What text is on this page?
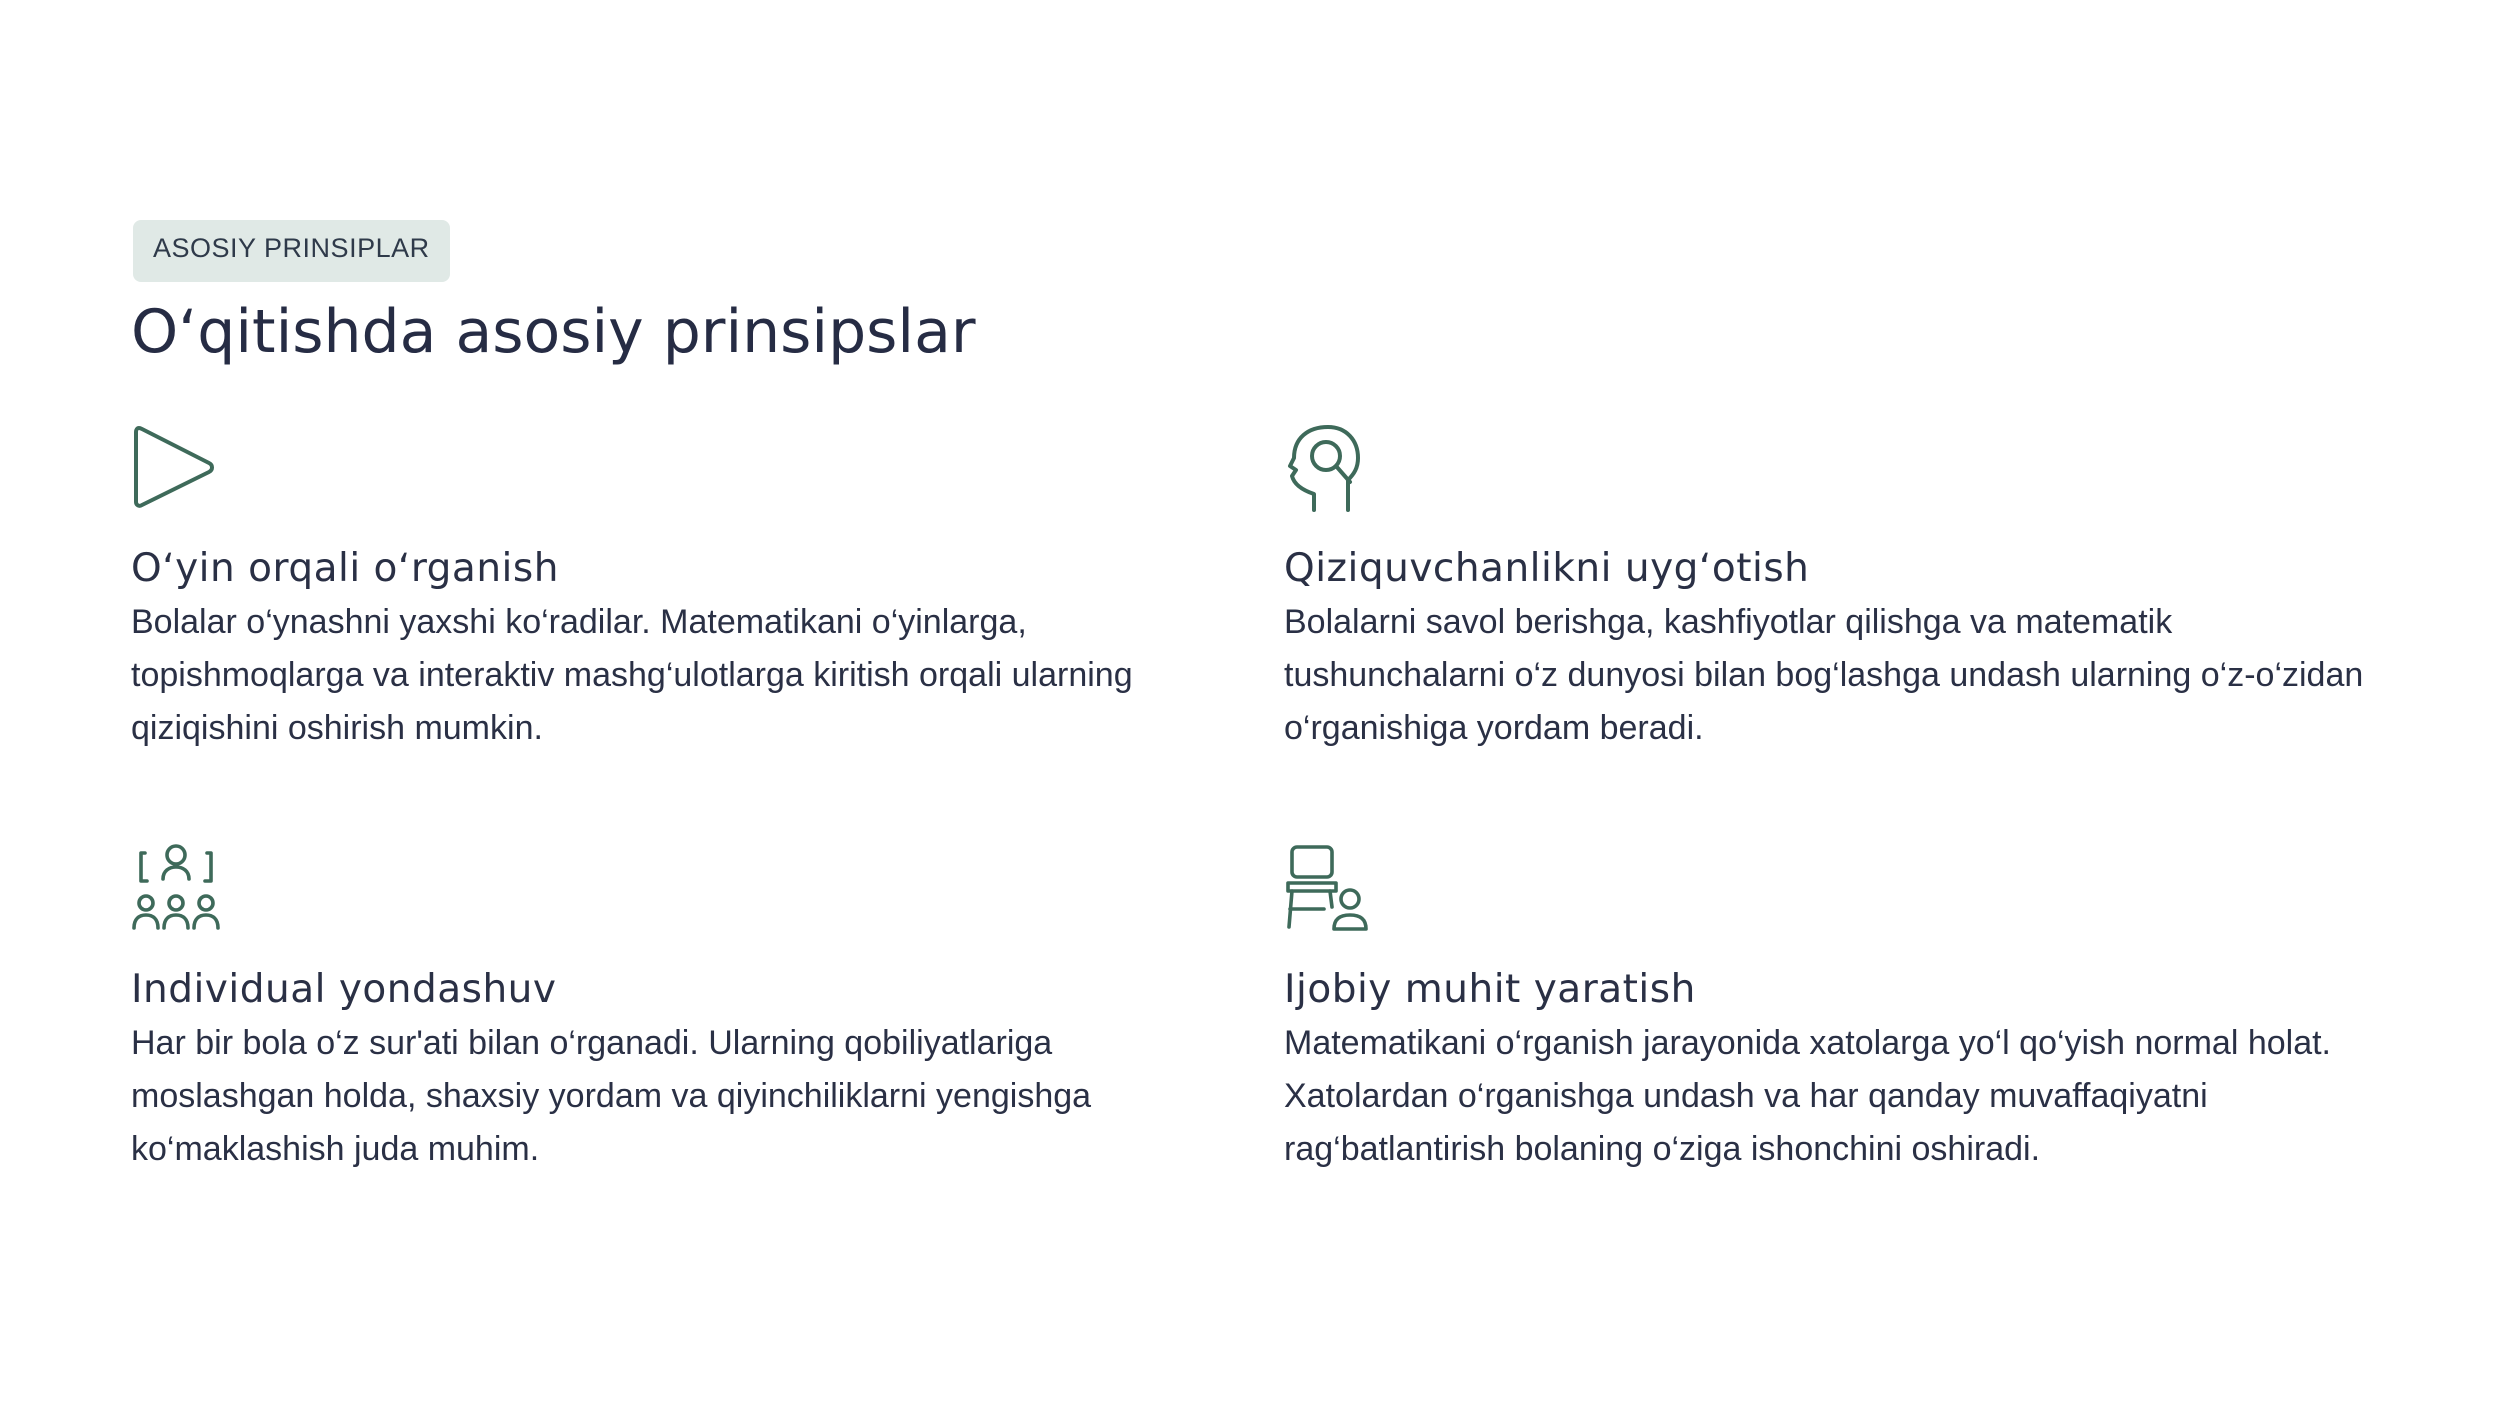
ASOSIY PRINSIPLAR
O‘qitishda asosiy prinsipslar
O‘yin orqali o‘rganish
Bolalar o‘ynashni yaxshi ko‘radilar. Matematikani o‘yinlarga, topishmoqlarga va interaktiv mashg‘ulotlarga kiritish orqali ularning qiziqishini oshirish mumkin.
Qiziquvchanlikni uyg‘otish
Bolalarni savol berishga, kashfiyotlar qilishga va matematik tushunchalarni o‘z dunyosi bilan bog‘lashga undash ularning o‘z-o‘zidan o‘rganishiga yordam beradi.
Individual yondashuv
Har bir bola o‘z sur'ati bilan o‘rganadi. Ularning qobiliyatlariga moslashgan holda, shaxsiy yordam va qiyinchiliklarni yengishga ko‘maklashish juda muhim.
Ijobiy muhit yaratish
Matematikani o‘rganish jarayonida xatolarga yo‘l qo‘yish normal holat. Xatolardan o‘rganishga undash va har qanday muvaffaqiyatni rag‘batlantirish bolaning o‘ziga ishonchini oshiradi.
